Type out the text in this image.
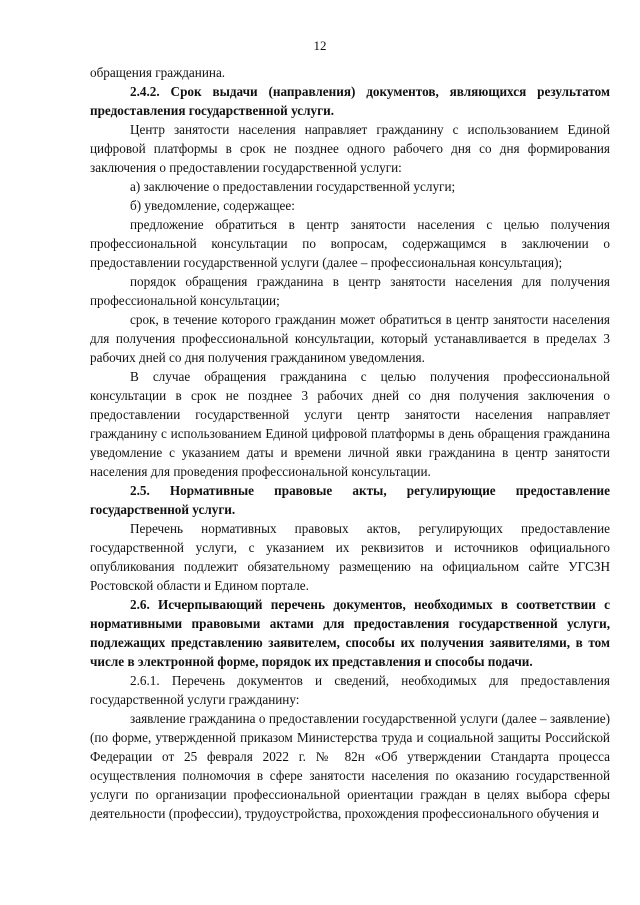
12

обращения гражданина.

2.4.2. Срок выдачи (направления) документов, являющихся результатом предоставления государственной услуги.

Центр занятости населения направляет гражданину с использованием Единой цифровой платформы в срок не позднее одного рабочего дня со дня формирования заключения о предоставлении государственной услуги:

а) заключение о предоставлении государственной услуги;

б) уведомление, содержащее:

предложение обратиться в центр занятости населения с целью получения профессиональной консультации по вопросам, содержащимся в заключении о предоставлении государственной услуги (далее – профессиональная консультация);

порядок обращения гражданина в центр занятости населения для получения профессиональной консультации;

срок, в течение которого гражданин может обратиться в центр занятости населения для получения профессиональной консультации, который устанавливается в пределах 3 рабочих дней со дня получения гражданином уведомления.

В случае обращения гражданина с целью получения профессиональной консультации в срок не позднее 3 рабочих дней со дня получения заключения о предоставлении государственной услуги центр занятости населения направляет гражданину с использованием Единой цифровой платформы в день обращения гражданина уведомление с указанием даты и времени личной явки гражданина в центр занятости населения для проведения профессиональной консультации.

2.5. Нормативные правовые акты, регулирующие предоставление государственной услуги.

Перечень нормативных правовых актов, регулирующих предоставление государственной услуги, с указанием их реквизитов и источников официального опубликования подлежит обязательному размещению на официальном сайте УГСЗН Ростовской области и Едином портале.

2.6. Исчерпывающий перечень документов, необходимых в соответствии с нормативными правовыми актами для предоставления государственной услуги, подлежащих представлению заявителем, способы их получения заявителями, в том числе в электронной форме, порядок их представления и способы подачи.

2.6.1. Перечень документов и сведений, необходимых для предоставления государственной услуги гражданину:

заявление гражданина о предоставлении государственной услуги (далее – заявление) (по форме, утвержденной приказом Министерства труда и социальной защиты Российской Федерации от 25 февраля 2022 г. № 82н «Об утверждении Стандарта процесса осуществления полномочия в сфере занятости населения по оказанию государственной услуги по организации профессиональной ориентации граждан в целях выбора сферы деятельности (профессии), трудоустройства, прохождения профессионального обучения и
